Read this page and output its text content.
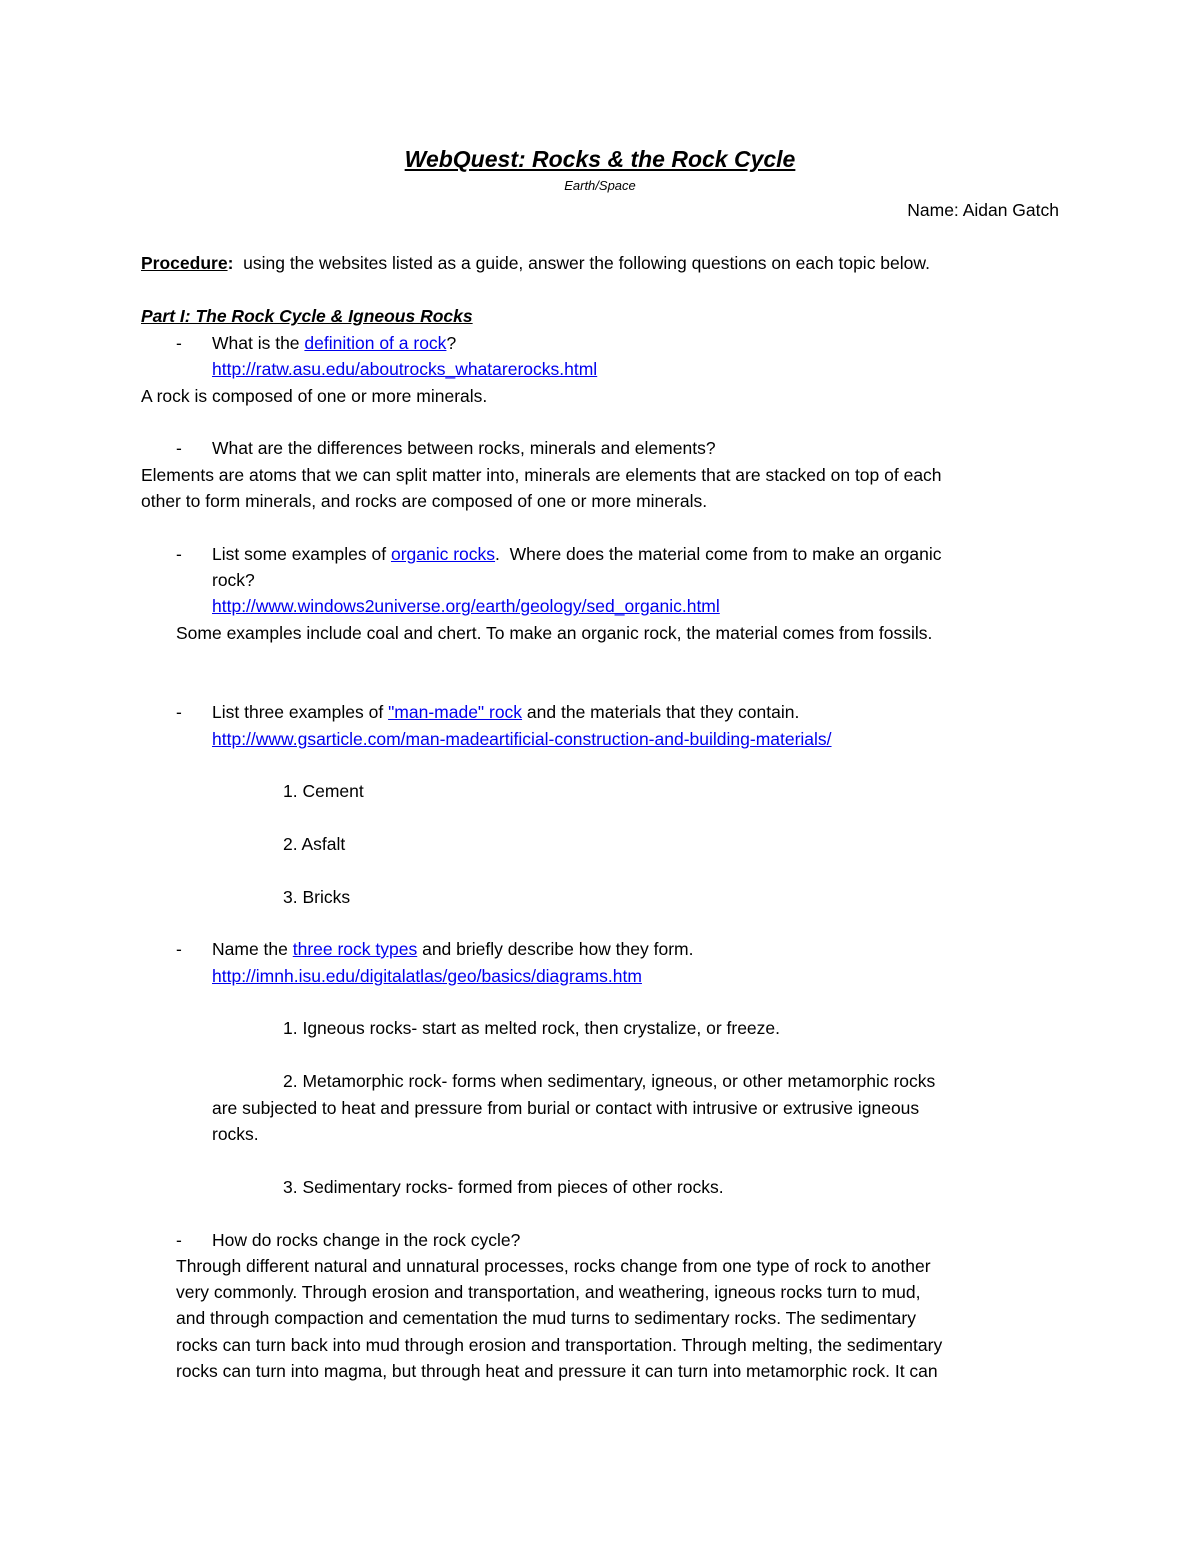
WebQuest: Rocks & the Rock Cycle
Earth/Space
Name: Aidan Gatch
Procedure:  using the websites listed as a guide, answer the following questions on each topic below.
Part I: The Rock Cycle & Igneous Rocks
- What is the definition of a rock?
http://ratw.asu.edu/aboutrocks_whatarerocks.html
A rock is composed of one or more minerals.
- What are the differences between rocks, minerals and elements?
Elements are atoms that we can split matter into, minerals are elements that are stacked on top of each
other to form minerals, and rocks are composed of one or more minerals.
- List some examples of organic rocks.  Where does the material come from to make an organic
rock?
http://www.windows2universe.org/earth/geology/sed_organic.html
Some examples include coal and chert. To make an organic rock, the material comes from fossils.
- List three examples of "man-made" rock and the materials that they contain.
http://www.gsarticle.com/man-madeartificial-construction-and-building-materials/
1. Cement
2. Asfalt
3. Bricks
- Name the three rock types and briefly describe how they form.
http://imnh.isu.edu/digitalatlas/geo/basics/diagrams.htm
1. Igneous rocks- start as melted rock, then crystalize, or freeze.
2. Metamorphic rock- forms when sedimentary, igneous, or other metamorphic rocks
are subjected to heat and pressure from burial or contact with intrusive or extrusive igneous
rocks.
3. Sedimentary rocks- formed from pieces of other rocks.
- How do rocks change in the rock cycle?
Through different natural and unnatural processes, rocks change from one type of rock to another
very commonly. Through erosion and transportation, and weathering, igneous rocks turn to mud,
and through compaction and cementation the mud turns to sedimentary rocks. The sedimentary
rocks can turn back into mud through erosion and transportation. Through melting, the sedimentary
rocks can turn into magma, but through heat and pressure it can turn into metamorphic rock. It can
